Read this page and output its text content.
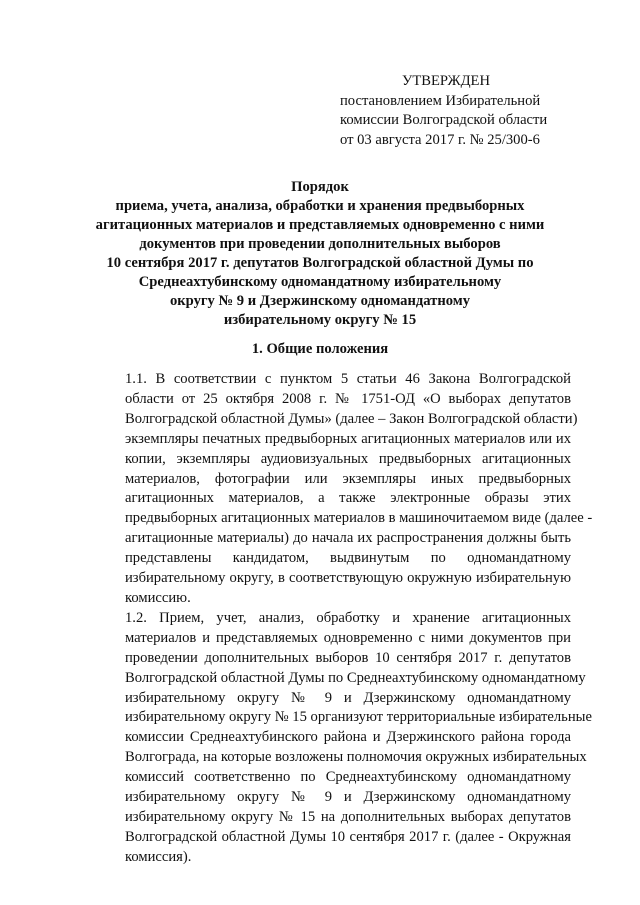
УТВЕРЖДЕН
постановлением Избирательной
комиссии Волгоградской области
от 03 августа 2017 г. № 25/300-6
Порядок
приема, учета, анализа, обработки и хранения предвыборных
агитационных материалов и представляемых одновременно с ними
документов при проведении дополнительных выборов
10 сентября 2017 г. депутатов Волгоградской областной Думы по
Среднеахтубинскому одномандатному избирательному
округу № 9 и Дзержинскому одномандатному
избирательному округу № 15
1. Общие положения
1.1. В соответствии с пунктом 5 статьи 46 Закона Волгоградской
области от 25 октября 2008 г. № 1751-ОД «О выборах депутатов
Волгоградской областной Думы» (далее – Закон Волгоградской области)
экземпляры печатных предвыборных агитационных материалов или их
копии, экземпляры аудиовизуальных предвыборных агитационных
материалов, фотографии или экземпляры иных предвыборных
агитационных материалов, а также электронные образы этих
предвыборных агитационных материалов в машиночитаемом виде (далее -
агитационные материалы) до начала их распространения должны быть
представлены кандидатом, выдвинутым по одномандатному
избирательному округу, в соответствующую окружную избирательную
комиссию.
1.2. Прием, учет, анализ, обработку и хранение агитационных
материалов и представляемых одновременно с ними документов при
проведении дополнительных выборов 10 сентября 2017 г. депутатов
Волгоградской областной Думы по Среднеахтубинскому одномандатному
избирательному округу № 9 и Дзержинскому одномандатному
избирательному округу № 15 организуют территориальные избирательные
комиссии Среднеахтубинского района и Дзержинского района города
Волгограда, на которые возложены полномочия окружных избирательных
комиссий соответственно по Среднеахтубинскому одномандатному
избирательному округу № 9 и Дзержинскому одномандатному
избирательному округу № 15 на дополнительных выборах депутатов
Волгоградской областной Думы 10 сентября 2017 г. (далее - Окружная
комиссия).
